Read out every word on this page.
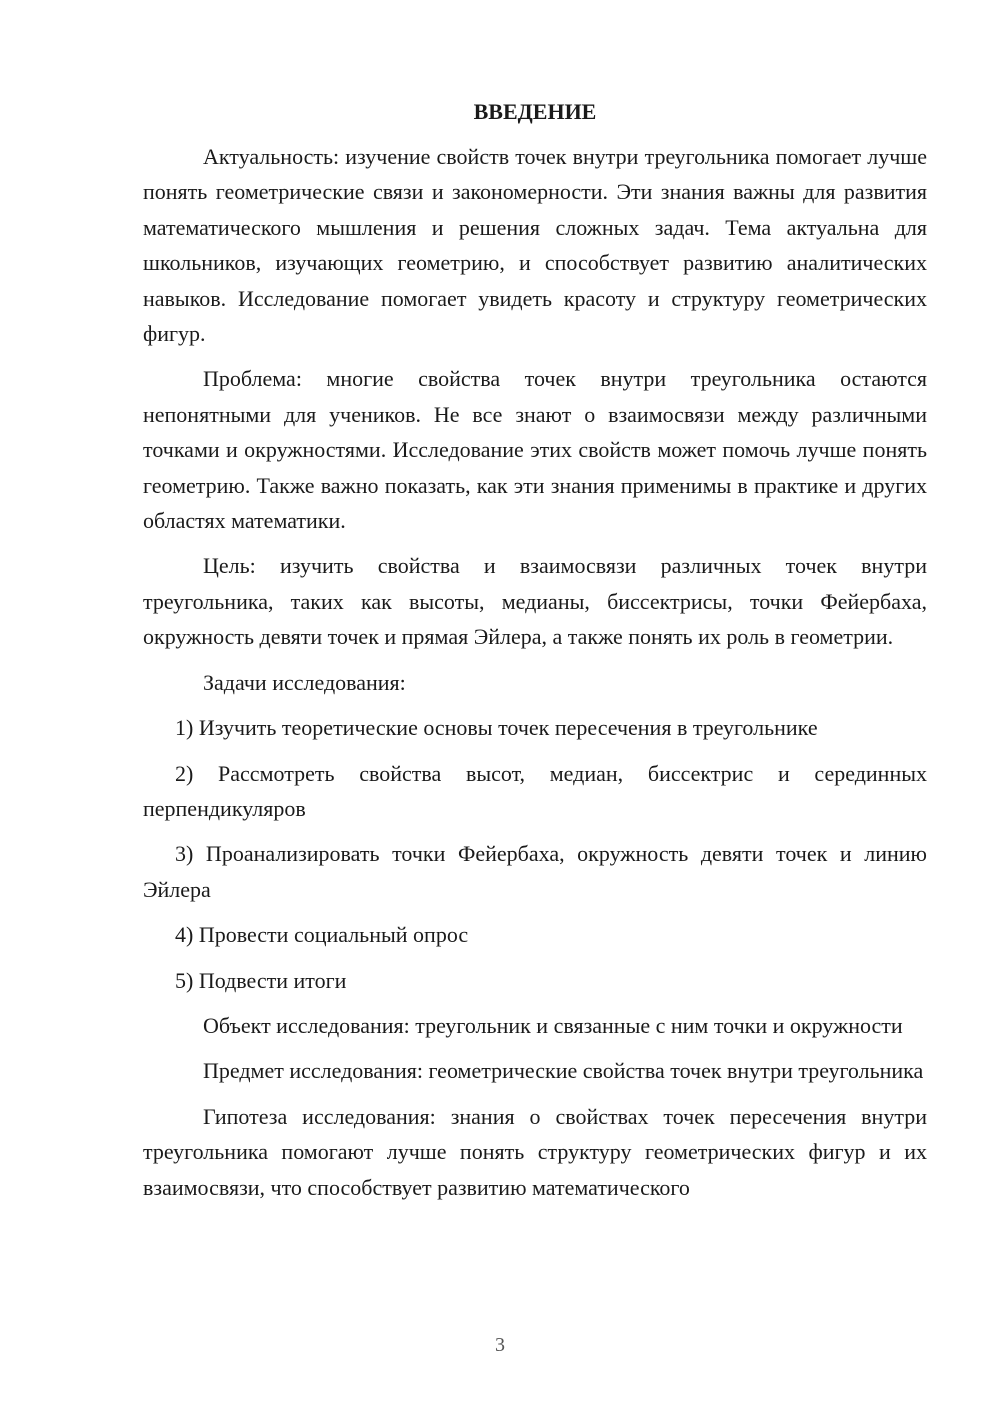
ВВЕДЕНИЕ

Актуальность: изучение свойств точек внутри треугольника помогает лучше понять геометрические связи и закономерности. Эти знания важны для развития математического мышления и решения сложных задач. Тема актуальна для школьников, изучающих геометрию, и способствует развитию аналитических навыков. Исследование помогает увидеть красоту и структуру геометрических фигур.

Проблема: многие свойства точек внутри треугольника остаются непонятными для учеников. Не все знают о взаимосвязи между различными точками и окружностями. Исследование этих свойств может помочь лучше понять геометрию. Также важно показать, как эти знания применимы в практике и других областях математики.

Цель: изучить свойства и взаимосвязи различных точек внутри треугольника, таких как высоты, медианы, биссектрисы, точки Фейербаха, окружность девяти точек и прямая Эйлера, а также понять их роль в геометрии.

Задачи исследования:

1) Изучить теоретические основы точек пересечения в треугольнике

2) Рассмотреть свойства высот, медиан, биссектрис и серединных перпендикуляров

3) Проанализировать точки Фейербаха, окружность девяти точек и линию Эйлера

4) Провести социальный опрос

5) Подвести итоги

Объект исследования: треугольник и связанные с ним точки и окружности

Предмет исследования: геометрические свойства точек внутри треугольника

Гипотеза исследования: знания о свойствах точек пересечения внутри треугольника помогают лучше понять структуру геометрических фигур и их взаимосвязи, что способствует развитию математического

3
